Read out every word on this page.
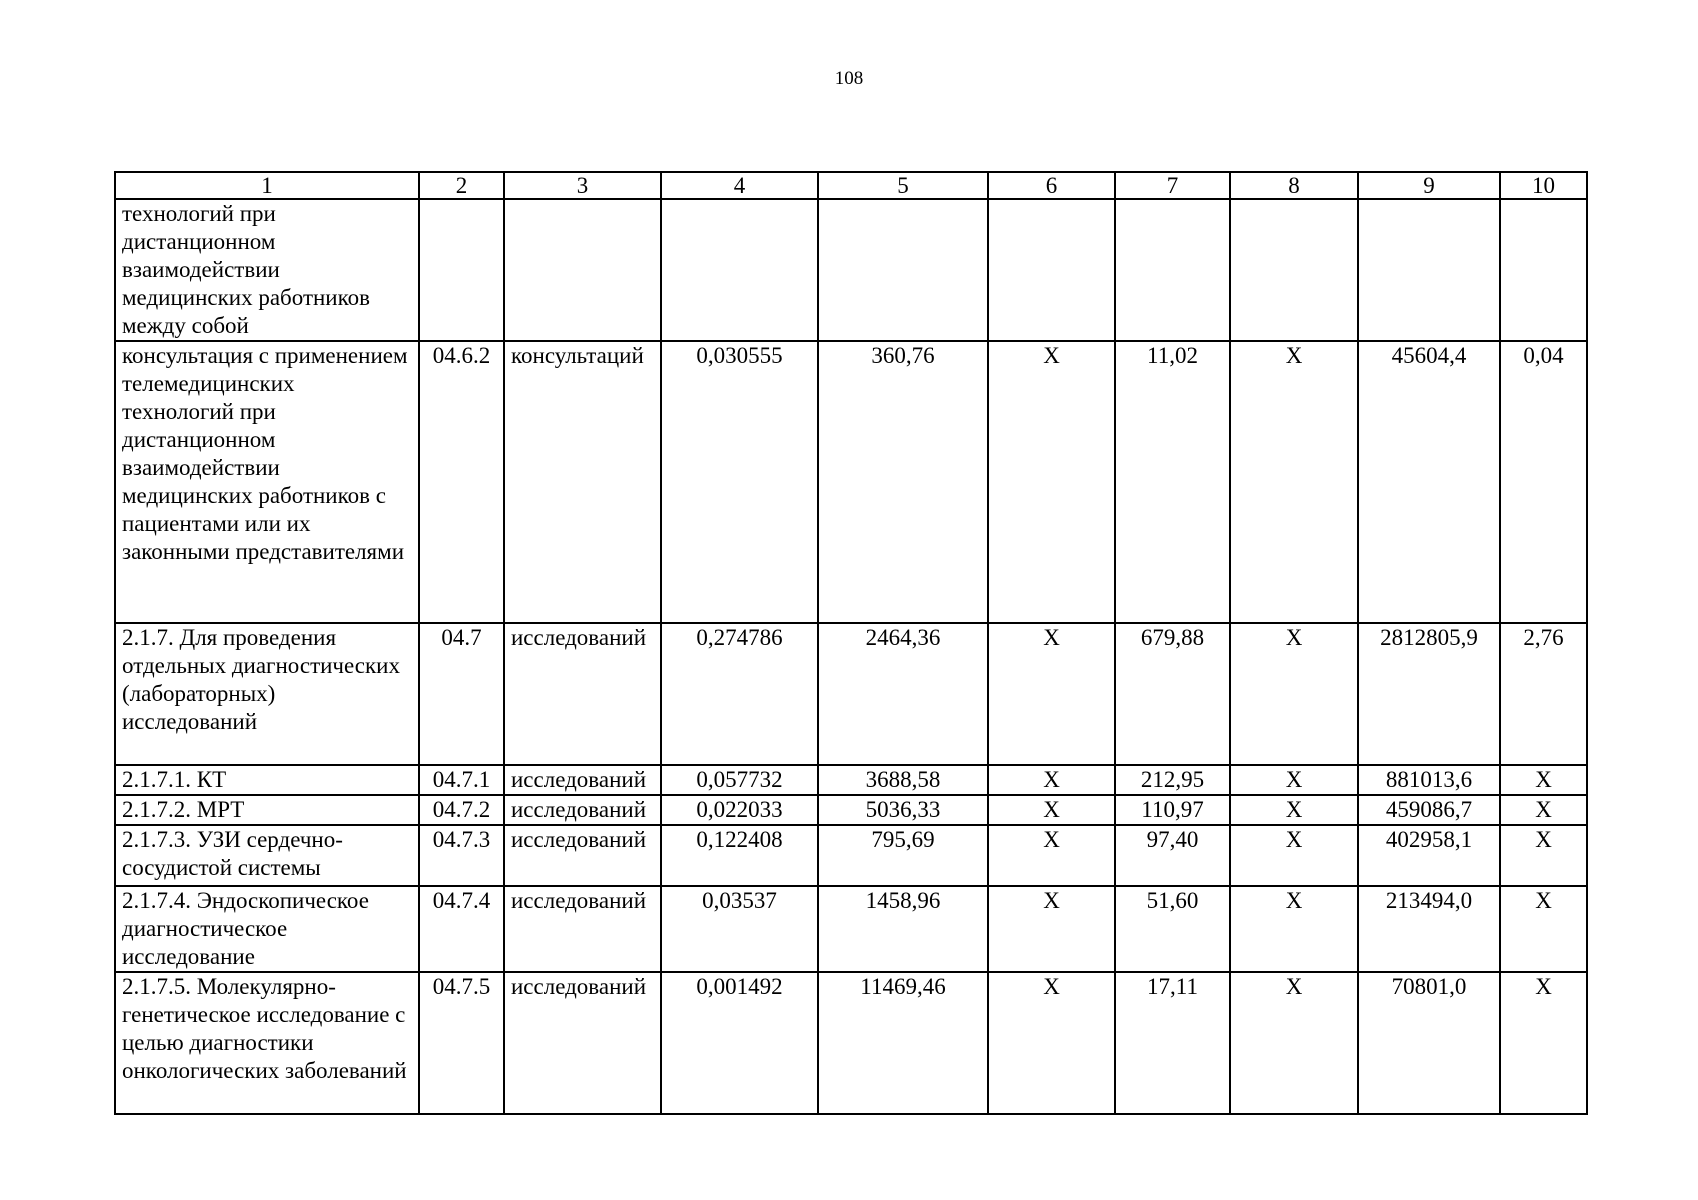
108
1	2	3	4	5	6	7	8	9	10
технологий при дистанционном взаимодействии медицинских работников между собой									
консультация с применением телемедицинских технологий при дистанционном взаимодействии медицинских работников с пациентами или их законными представителями	04.6.2	консультаций	0,030555	360,76	X	11,02	X	45604,4	0,04
2.1.7. Для проведения отдельных диагностических (лабораторных) исследований	04.7	исследований	0,274786	2464,36	X	679,88	X	2812805,9	2,76
2.1.7.1. КТ	04.7.1	исследований	0,057732	3688,58	X	212,95	X	881013,6	X
2.1.7.2. МРТ	04.7.2	исследований	0,022033	5036,33	X	110,97	X	459086,7	X
2.1.7.3. УЗИ сердечно-сосудистой системы	04.7.3	исследований	0,122408	795,69	X	97,40	X	402958,1	X
2.1.7.4. Эндоскопическое диагностическое исследование	04.7.4	исследований	0,03537	1458,96	X	51,60	X	213494,0	X
2.1.7.5. Молекулярно-генетическое исследование с целью диагностики онкологических заболеваний	04.7.5	исследований	0,001492	11469,46	X	17,11	X	70801,0	X
